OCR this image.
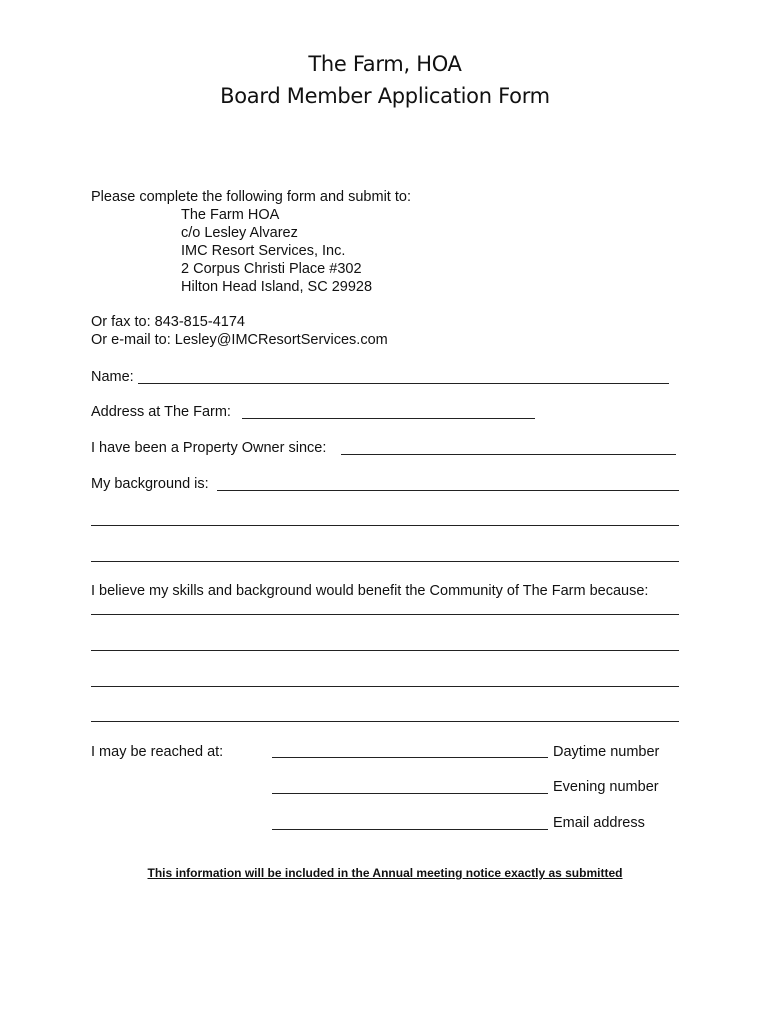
The Farm, HOA
Board Member Application Form
Please complete the following form and submit to:
The Farm HOA
c/o Lesley Alvarez
IMC Resort Services, Inc.
2 Corpus Christi Place #302
Hilton Head Island, SC 29928
Or fax to: 843-815-4174
Or e-mail to: Lesley@IMCResortServices.com
Name:
Address at The Farm:
I have been a Property Owner since:
My background is:
I believe my skills and background would benefit the Community of The Farm because:
I may be reached at:	Daytime number
Evening number
Email address
This information will be included in the Annual meeting notice exactly as submitted
